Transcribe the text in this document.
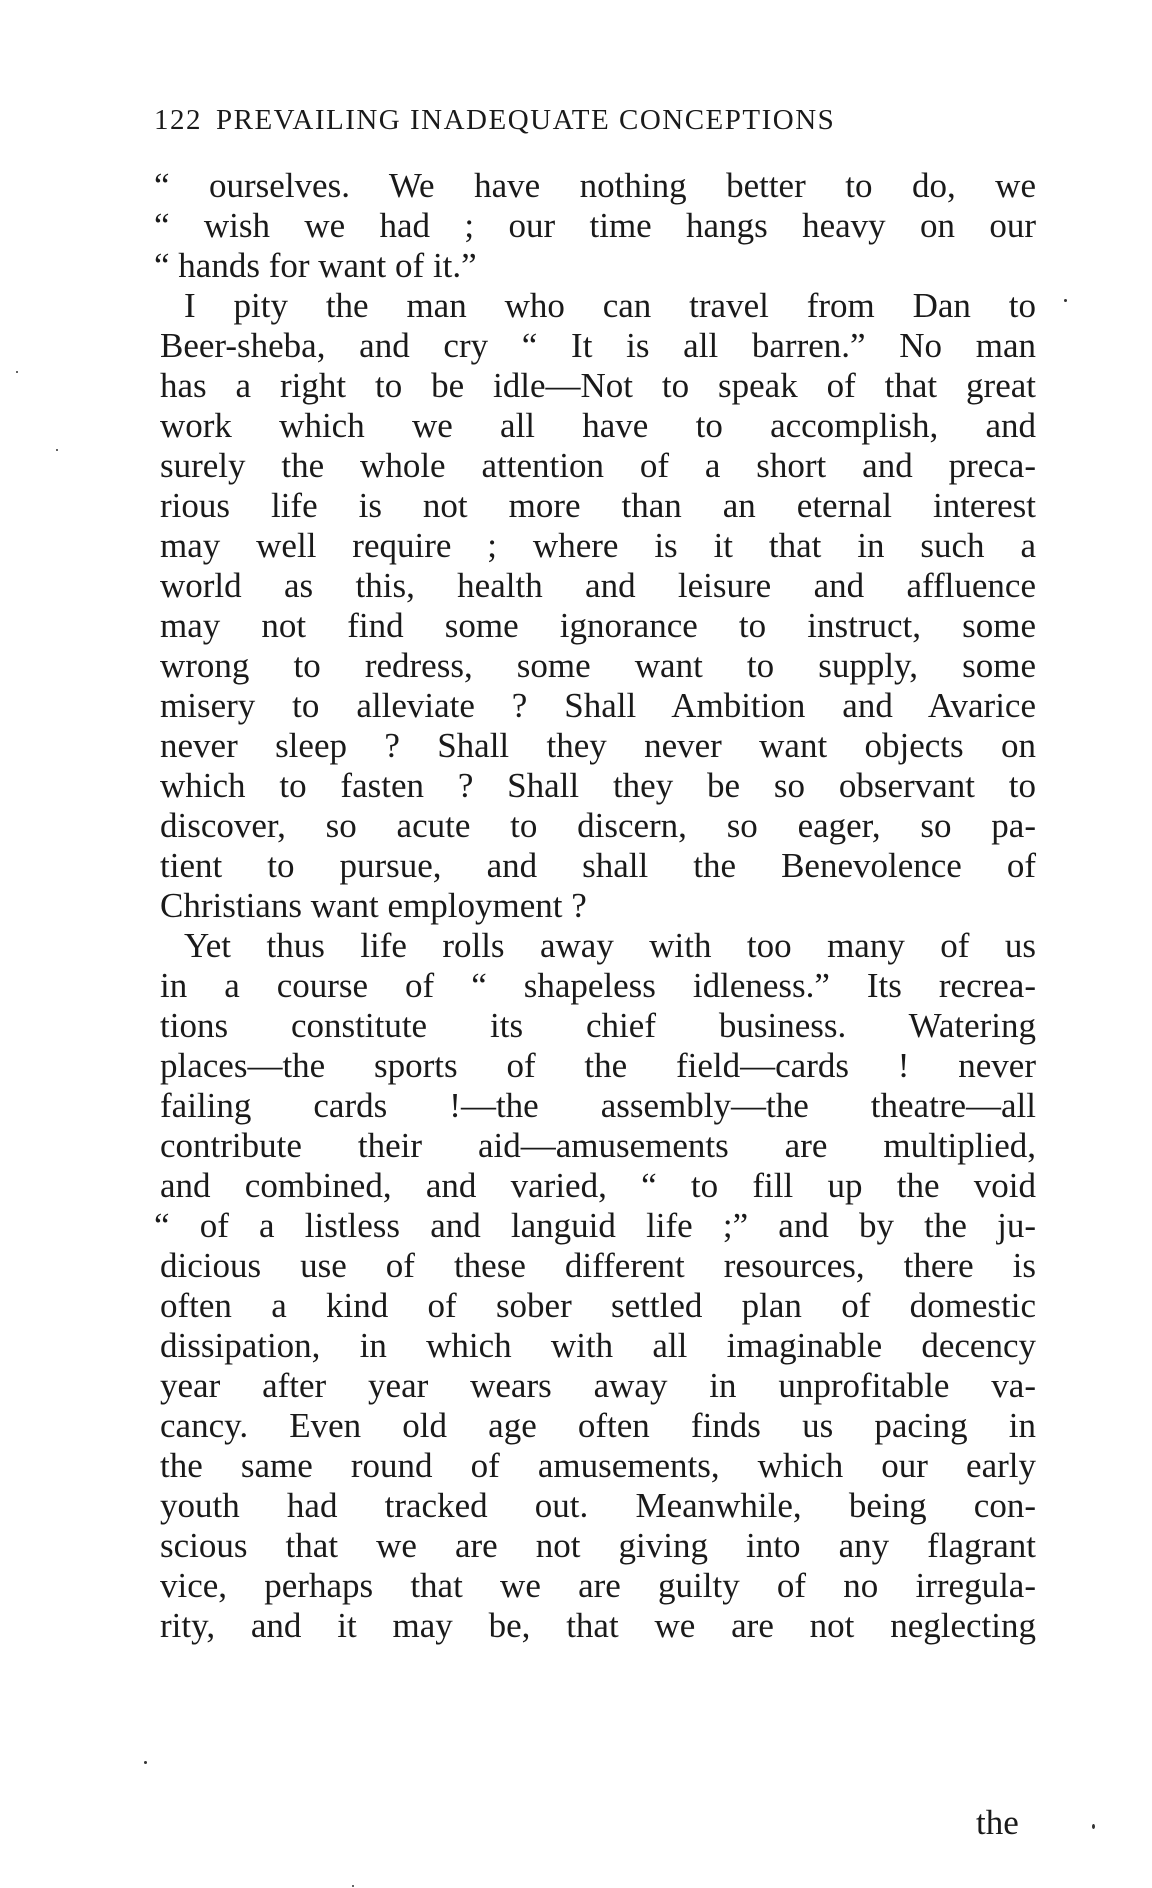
122 PREVAILING INADEQUATE CONCEPTIONS
“ ourselves. We have nothing better to do, we
“ wish we had ; our time hangs heavy on our
“ hands for want of it.”
I pity the man who can travel from Dan to
Beer-sheba, and cry “ It is all barren.” No man
has a right to be idle—Not to speak of that great
work which we all have to accomplish, and
surely the whole attention of a short and preca-
rious life is not more than an eternal interest
may well require ; where is it that in such a
world as this, health and leisure and affluence
may not find some ignorance to instruct, some
wrong to redress, some want to supply, some
misery to alleviate ? Shall Ambition and Avarice
never sleep ? Shall they never want objects on
which to fasten ? Shall they be so observant to
discover, so acute to discern, so eager, so pa-
tient to pursue, and shall the Benevolence of
Christians want employment ?
Yet thus life rolls away with too many of us
in a course of “ shapeless idleness.” Its recrea-
tions constitute its chief business. Watering
places—the sports of the field—cards ! never
failing cards !—the assembly—the theatre—all
contribute their aid—amusements are multiplied,
and combined, and varied, “ to fill up the void
“ of a listless and languid life ;” and by the ju-
dicious use of these different resources, there is
often a kind of sober settled plan of domestic
dissipation, in which with all imaginable decency
year after year wears away in unprofitable va-
cancy. Even old age often finds us pacing in
the same round of amusements, which our early
youth had tracked out. Meanwhile, being con-
scious that we are not giving into any flagrant
vice, perhaps that we are guilty of no irregula-
rity, and it may be, that we are not neglecting
the
